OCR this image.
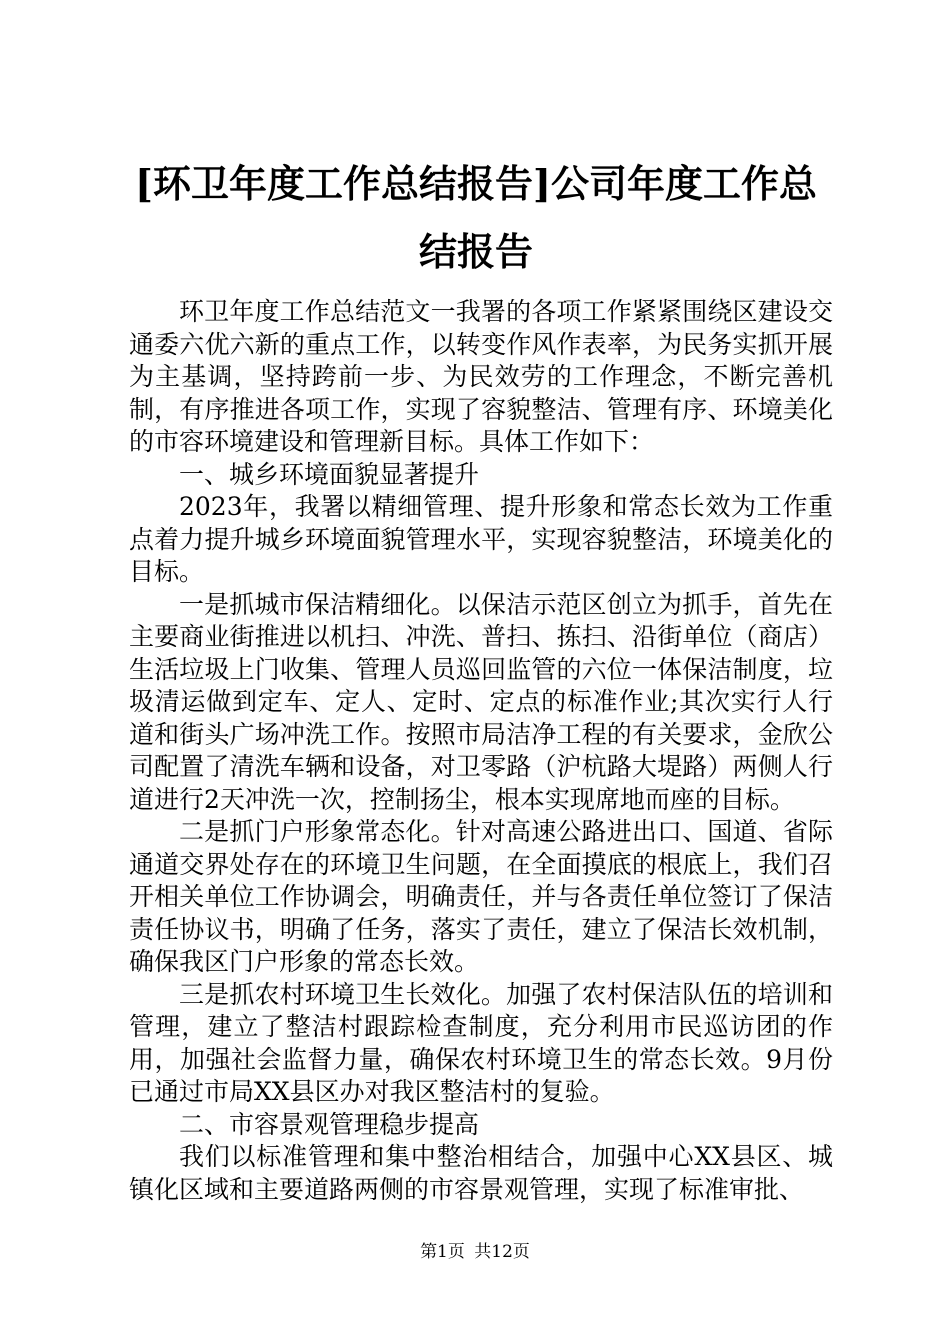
[环卫年度工作总结报告]公司年度工作总结报告

环卫年度工作总结范文一我署的各项工作紧紧围绕区建设交通委六优六新的重点工作，以转变作风作表率，为民务实抓开展为主基调，坚持跨前一步、为民效劳的工作理念，不断完善机制，有序推进各项工作，实现了容貌整洁、管理有序、环境美化的市容环境建设和管理新目标。具体工作如下：

一、城乡环境面貌显著提升

2023年，我署以精细管理、提升形象和常态长效为工作重点着力提升城乡环境面貌管理水平，实现容貌整洁，环境美化的目标。

一是抓城市保洁精细化。以保洁示范区创立为抓手，首先在主要商业街推进以机扫、冲洗、普扫、拣扫、沿街单位（商店）生活垃圾上门收集、管理人员巡回监管的六位一体保洁制度，垃圾清运做到定车、定人、定时、定点的标准作业;其次实行人行道和街头广场冲洗工作。按照市局洁净工程的有关要求，金欣公司配置了清洗车辆和设备，对卫零路（沪杭路大堤路）两侧人行道进行2天冲洗一次，控制扬尘，根本实现席地而座的目标。

二是抓门户形象常态化。针对高速公路进出口、国道、省际通道交界处存在的环境卫生问题，在全面摸底的根底上，我们召开相关单位工作协调会，明确责任，并与各责任单位签订了保洁责任协议书，明确了任务，落实了责任，建立了保洁长效机制，确保我区门户形象的常态长效。

三是抓农村环境卫生长效化。加强了农村保洁队伍的培训和管理，建立了整洁村跟踪检查制度，充分利用市民巡访团的作用，加强社会监督力量，确保农村环境卫生的常态长效。9月份已通过市局XX县区办对我区整洁村的复验。

二、市容景观管理稳步提高

我们以标准管理和集中整治相结合，加强中心XX县区、城镇化区域和主要道路两侧的市容景观管理，实现了标准审批、

第1页 共12页
